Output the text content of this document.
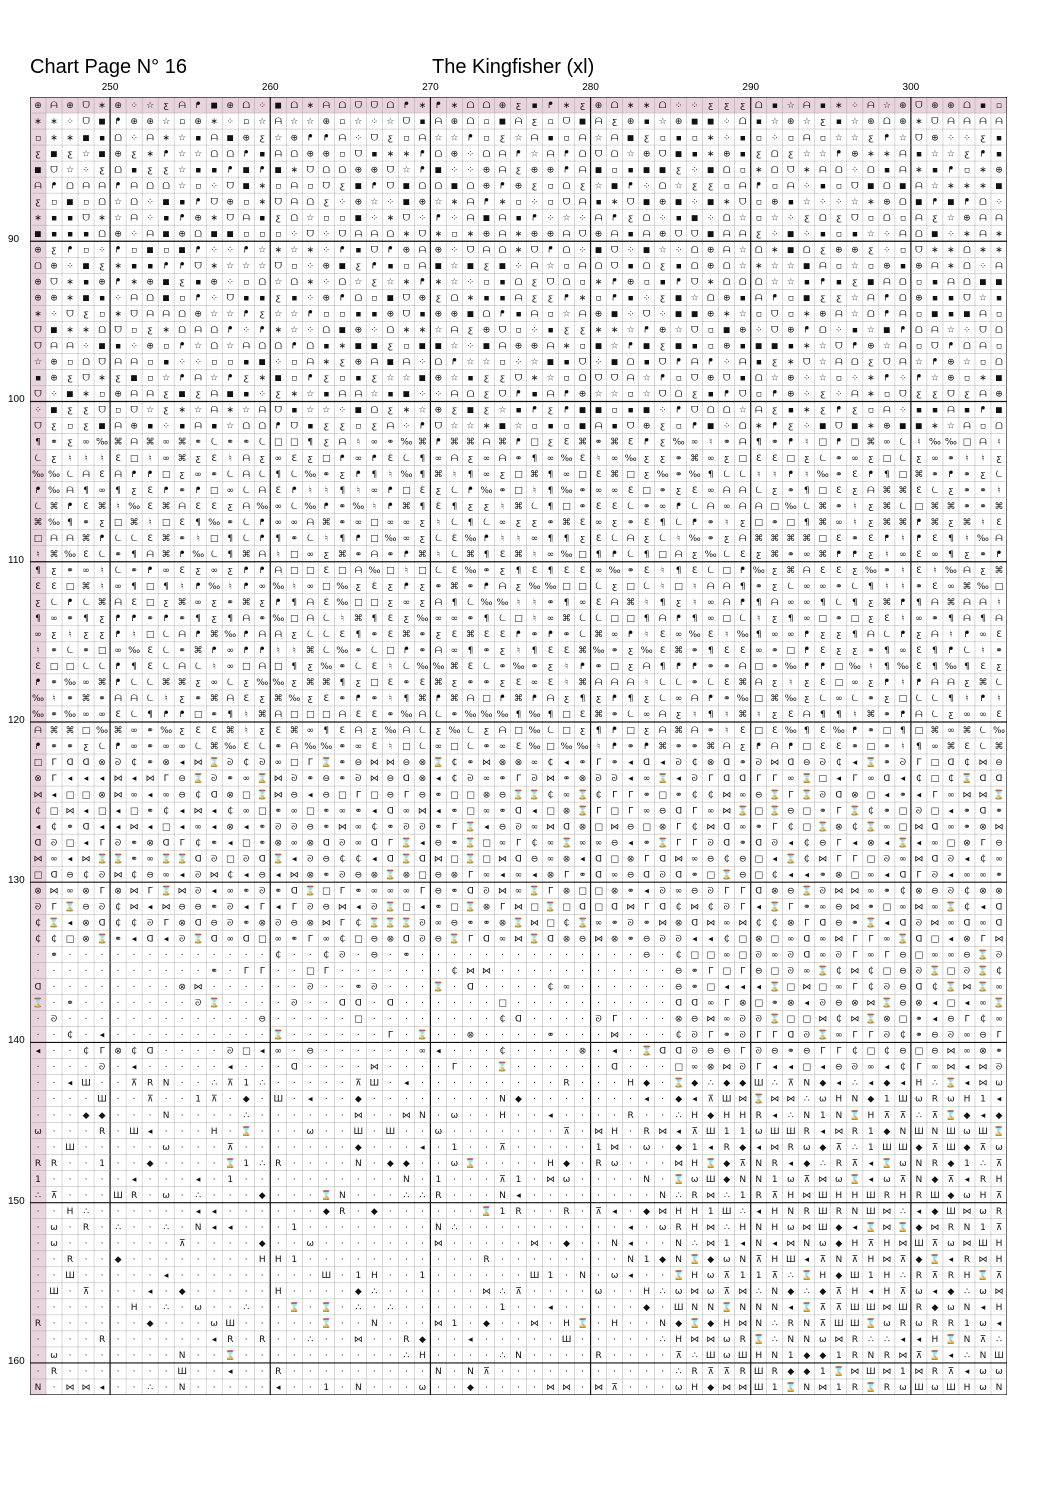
Chart Page N° 16	The Kingfisher (xl)
250	260	270	280	290	300
90
100
110
120
130
140
150
160
⊕ ᗩ ⊕ ᗜ ∗ ⊕ ⁘ ☆ ƹ ᗩ ᖰ ◼ ⊕ ᗝ ⁘ ◼ ᗝ ∗ ᗩ ᗝ ᗜ ᗜ ᗝ ᖰ ∗ ᖰ ∗ ᗝ ᗝ ⊕ ƹ ▪ ᖰ ∗ ƹ ⊕ ᗝ ∗ ∗ ᗝ ⁘ ⁘ ƹ ƹ ƹ ᗝ ▪ ☆ ᗩ ▪ ∗ ⁘ ᗩ ☆ ⊕ ᗜ ⊕ ⊕ ᗝ ▪ ▫
∗ ∗ ⁘ ᗜ ◼ ᖰ ⊕ ⊕ ☆ ▫ ⊕ ∗ ⁘ ▫ ☆ ᗩ ☆ ☆ ⊕ ▫ ☆ ⁘ ☆ ᗜ ▪ ᗩ ⊕ ᗝ ▫ ◼ ᗩ ƹ ▫ ᗜ ◼ ᗩ ƹ ⊕ ▪ ☆ ⊕ ◼ ◼ ⁘ ᗝ ▪ ☆ ⊕ ☆ ƹ ▪ ☆ ⊕ ᗝ ⊕ ∗ ᗜ ᗩ ᗩ ᗩ ᗩ
▫ ∗ ∗ ◼ ▪ ᗝ ⁘ ᗩ ∗ ☆ ▪ ᗩ ◼ ⊕ ƹ ☆ ⊕ ᖰ ᖰ ᗩ ⁘ ᗜ ƹ ▫ ᗩ ☆ ☆ ᖰ ▫ ƹ ☆ ᗩ ▪ ▫ ᗩ ☆ ᗩ ◼ ƹ ▫ ▪ ▫ ∗ ⁘ ▪ ▫ ⁘ ▫ ᗩ ▫ ☆ ☆ ƹ ᖰ ☆ ᗜ ⊕ ⁘ ⁘ ƹ ▪
ƹ ◼ ƹ ☆ ◼ ⊕ ƹ ∗ ᖰ ☆ ☆ ᗝ ᗝ ᖰ ▪ ᗩ ᗝ ⊕ ⊕ ▫ ᗜ ▪ ∗ ∗ ᖰ ᗝ ⊕ ⁘ ᗝ ᗩ ᖰ ☆ ᗩ ᖰ ᗝ ᗜ ᗝ ☆ ⊕ ᗜ ◼ ▪ ∗ ⊕ ▪ ƹ ᗝ ƹ ☆ ☆ ᖰ ⊕ ∗ ∗ ᗩ ▪ ☆ ☆ ƹ ᖰ ▪
◼ ᗜ ☆ ⁘ ƹ ᗝ ▪ ƹ ƹ ☆ ▪ ▪ ᖰ ◼ ᖰ ◼ ∗ ᗜ ᗝ ᗝ ⊕ ⊕ ᗜ ☆ ᖰ ◼ ⁘ ⁘ ⊕ ᗩ ƹ ⊕ ⊕ ᖰ ᗩ ◼ ▫ ▪ ◼ ◼ ƹ ⁘ ◼ ᗝ ▫ ∗ ᗝ ᗜ ∗ ᗩ ᗝ ⁘ ᗝ ▪ ᗩ ∗ ▪ ᖰ ▫ ∗ ⊕
ᗩ ᖰ ᗝ ᗩ ᗩ ᖰ ᗩ ᗝ ᗝ ☆ ▫ ⁘ ᗜ ◼ ∗ ▫ ᗩ ▫ ᗜ ƹ ◼ ᖰ ᗜ ◼ ᗝ ᗝ ◼ ᗝ ⊕ ᖰ ⊕ ƹ ▫ ᗝ ƹ ☆ ◼ ᖰ ⁘ ᗝ ☆ ƹ ƹ ▫ ᗩ ᖰ ▫ ᗩ ⁘ ▪ ▫ ᗜ ◼ ᗝ ◼ ᗩ ☆ ∗ ∗ ∗ ◼
ƹ ▫ ◼ ▫ ᗝ ☆ ᗝ ⁘ ◼ ▪ ᖰ ᗜ ⊕ ▫ ∗ ᗜ ᗩ ᗝ ƹ ⁘ ⊕ ☆ ⁘ ◼ ⊕ ☆ ∗ ᗩ ᖰ ∗ ▫ ⁘ ▫ ᗜ ᗩ ▪ ∗ ᗜ ◼ ⊕ ◼ ⁘ ◼ ∗ ᗜ ▫ ⊕ ▪ ☆ ⁘ ⁘ ☆ ∗ ⊕ ᗝ ◼ ᖰ ◼ ᖰ ᗝ ⁘
∗ ▪ ▪ ᗜ ∗ ☆ ᗩ ⁘ ▪ ᖰ ⊕ ∗ ᗜ ᗩ ▪ ƹ ᗝ ☆ ▫ ▫ ◼ ⁘ ∗ ᗜ ⁘ ᖰ ⁘ ᗩ ◼ ᗩ ▪ ᖰ ⁘ ☆ ⁘ ᗩ ᖰ ƹ ᗝ ⁘ ▪ ◼ ⁘ ᗝ ☆ ▫ ☆ ⁘ ƹ ᗝ ƹ ᗜ ▫ ᗝ ▫ ᗩ ƹ ☆ ⊕ ᗩ ᗩ
◼ ▪ ▪ ▪ ᗝ ⊕ ⁘ ᗩ ◼ ⊕ ᗝ ◼ ◼ ▫ ▫ ▫ ⁘ ᗜ ⁘ ᗜ ᗩ ᗩ ᗝ ∗ ᗜ ∗ ▫ ∗ ⊕ ᗩ ∗ ⊕ ⊕ ᗩ ᗜ ⊕ ᗩ ▪ ᗩ ⊕ ᗜ ᗜ ◼ ᗩ ᗩ ƹ ⁘ ◼ ⁘ ▪ ▫ ▪ ☆ ⁘ ᗩ ᗝ ◼ ⁘ ∗ ᗩ ∗
⊕ ƹ ᖰ ▫ ⁘ ᖰ ▫ ◼ ▫ ◼ ᖰ ⁘ ⁘ ᖰ ☆ ∗ ☆ ∗ ⁘ ᖰ ▪ ᗜ ᖰ ⊕ ᗩ ⊕ ⁘ ᗜ ᗩ ᗝ ∗ ᗜ ᖰ ᗝ ⁘ ◼ ᗜ ⁘ ◼ ☆ ⁘ ᗝ ⊕ ᗩ ☆ ᗝ ∗ ◼ ᗝ ƹ ⊕ ⊕ ƹ ⁘ ▫ ᗜ ∗ ∗ ᗝ ∗ ∗
ᗝ ⊕ ⁘ ◼ ƹ ∗ ▪ ▪ ᖰ ᖰ ᗜ ∗ ☆ ☆ ☆ ᗜ ▫ ⁘ ⊕ ◼ ƹ ᖰ ▪ ▫ ᗩ ◼ ☆ ◼ ƹ ◼ ⁘ ᗩ ☆ ▫ ᗩ ᗝ ᗜ ▪ ᗝ ƹ ▪ ᗝ ⊕ ᗝ ☆ ∗ ☆ ☆ ◼ ᗩ ▫ ☆ ▫ ⊕ ▪ ⊕ ᗩ ∗ ᗝ ⁘ ᗩ
⊕ ᗜ ∗ ▪ ⊕ ᖰ ∗ ⊕ ◼ ƹ ▪ ⊕ ⁘ ▫ ᗝ ☆ ᗝ ∗ ⁘ ᗝ ☆ ƹ ☆ ∗ ᖰ ∗ ☆ ⁘ ▫ ▪ ᗝ ƹ ᗜ ᗝ ▫ ∗ ᖰ ⊕ ▫ ▪ ᖰ ᗜ ∗ ᗝ ᗝ ᗝ ☆ ☆ ▪ ᖰ ▪ ƹ ◼ ᗩ ᗝ ▫ ▪ ᗩ ᗝ ◼ ◼
⊕ ⊕ ∗ ◼ ▪ ⁘ ᗩ ᗝ ◼ ▫ ᖰ ⁘ ᗜ ▪ ▪ ƹ ▪ ⁘ ⊕ ᖰ ᗝ ▫ ◼ ᗜ ⊕ ƹ ᗝ ∗ ▪ ▪ ᗩ ƹ ƹ ᖰ ∗ ▫ ᖰ ▪ ⁘ ƹ ◼ ☆ ᗝ ⊕ ▪ ᗩ ᖰ ▫ ◼ ƹ ƹ ☆ ᗩ ᖰ ᗝ ⊕ ▪ ▪ ᗜ ☆ ▪
∗ ⁘ ᗜ ƹ ▫ ∗ ᗜ ᗩ ᗩ ᗝ ⊕ ☆ ☆ ᖰ ƹ ☆ ☆ ᖰ ▫ ▫ ▪ ▪ ⊕ ᗜ ▪ ⊕ ⊕ ◼ ᗝ ᖰ ▪ ᗩ ▫ ☆ ᗩ ⊕ ◼ ⁘ ᗜ ⁘ ◼ ◼ ⊕ ∗ ☆ ▫ ᗜ ▫ ∗ ⊕ ᗩ ☆ ᗝ ᖰ ᗩ ▫ ◼ ▪ ◼ ᗩ ▫
ᗜ ◼ ∗ ∗ ᗝ ᗜ ▫ ƹ ∗ ᗝ ᗩ ᗝ ᖰ ⁘ ᖰ ∗ ☆ ⁘ ᗝ ◼ ⊕ ⁘ ᗝ ∗ ∗ ☆ ᗩ ƹ ⊕ ᗜ ▫ ⁘ ▪ ƹ ƹ ∗ ∗ ☆ ᖰ ⊕ ☆ ᗜ ▫ ◼ ⊕ ⁘ ᗜ ⊕ ᖰ ᗝ ⁘ ▪ ☆ ◼ ᖰ ᗝ ᗩ ☆ ⁘ ᗜ ᗝ
ᗜ ᗩ ᗩ ⁘ ◼ ▪ ⁘ ⊕ ▫ ᖰ ☆ ᗝ ☆ ᗩ ᗝ ᗝ ᖰ ᗝ ▪ ∗ ◼ ◼ ƹ ▫ ◼ ◼ ☆ ⁘ ◼ ᗩ ⊕ ⊕ ᗩ ∗ ▫ ◼ ☆ ᖰ ◼ ƹ ◼ ▪ ▫ ⊕ ▪ ◼ ◼ ▪ ∗ ☆ ᗜ ᖰ ⊕ ☆ ᗩ ▫ ᗜ ᖰ ᗝ ᗩ ▫
☆ ⊕ ▫ ᗝ ᗜ ᗩ ᗩ ▫ ▪ ⁘ ⁘ ▫ ▫ ▪ ◼ ⁘ ▫ ᗩ ∗ ƹ ⊕ ᗩ ◼ ᗩ ⁘ ᗝ ᖰ ☆ ☆ ▫ ⁘ ☆ ◼ ▪ ᗜ ⁘ ◼ ᗝ ▪ ᗜ ᖰ ᗩ ᖰ ⁘ ᗩ ▪ ƹ ∗ ᗜ ☆ ᗩ ᗝ ƹ ᗜ ᗩ ☆ ᖰ ⊕ ☆ ▫ ᗝ
▪ ⊕ ƹ ᗜ ∗ ƹ ◼ ▫ ☆ ᖰ ᗩ ☆ ᖰ ƹ ∗ ◼ ▫ ᖰ ƹ ▫ ▪ ƹ ☆ ☆ ◼ ⊕ ☆ ▪ ƹ ƹ ᗜ ∗ ☆ ▫ ᗝ ᗜ ᗜ ᗩ ☆ ᖰ ▫ ᗜ ⊕ ᗜ ▪ ᗝ ☆ ⊕ ⁘ ☆ ▫ ⁘ ∗ ᖰ ⁘ ᖰ ☆ ⊕ ▫ ∗ ◼
ᗜ ⁘ ◼ ∗ ▫ ⊕ ᗩ ᗩ ƹ ◼ ƹ ᗩ ◼ ▪ ⁘ ƹ ∗ ☆ ▪ ᗩ ᗩ ☆ ▪ ◼ ⁘ ⁘ ᗩ ᗝ ƹ ᗜ ᖰ ▪ ᗩ ᖰ ⊕ ☆ ☆ ▫ ☆ ᗜ ᗝ ƹ ▪ ᖰ ᗜ ▫ ᖰ ⊕ ⁘ ƹ ⁘ ᗩ ∗ ▫ ᗜ ƹ ƹ ᗜ ƹ ᗩ ⊕
⁘ ◼ ƹ ƹ ᗜ ▫ ᗜ ☆ ƹ ∗ ☆ ᗩ ∗ ☆ ᗩ ᗜ ▪ ☆ ☆ ⁘ ◼ ᗝ ƹ ∗ ☆ ⊕ ƹ ◼ ƹ ☆ ▪ ᖰ ƹ ᖰ ◼ ◼ ▫ ▪ ◼ ⁘ ᖰ ᗜ ᗝ ᗝ ☆ ᗩ ƹ ▪ ∗ ƹ ᖰ ƹ ▫ ᗩ ⁘ ▪ ▪ ᗩ ▪ ᖰ ◼
ᗜ ƹ ▫ ƹ ◼ ᗩ ⊕ ▪ ⁘ ▪ ᗩ ▪ ☆ ᗝ ᗝ ᖰ ᗜ ▪ ƹ ƹ ▫ ƹ ᗩ ⁘ ᖰ ᗜ ☆ ☆ ∗ ◼ ☆ ▫ ▪ ▫ ◼ ᗩ ▪ ᗜ ⊕ ƹ ▫ ᖰ ◼ ⁘ ᗝ ∗ ᖰ ƹ ⁘ ◼ ᗜ ◼ ∗ ⊕ ◼ ◼ ∗ ☆ ᗩ ▫ ᗝ
¶ ⚭ ƹ ∞ ‰ ⌘ ᗩ ⌘ ∞ ⌘ ⚭ ᘇ ⚭ ⚭ ᘇ □ □ ¶ ƹ ᗩ ♮ ∞ ⚭ ‰ ⌘ ᖰ ⌘ ⌘ ᗩ ⌘ ᖰ □ ƹ Ɛ ⌘ ⚭ ⌘ Ɛ ᖰ ƹ ‰ ∞ ♮ ⚭ ᗩ ¶ ⚭ ᖰ ♮ □ ᖰ □ ⌘ ∞ ᘇ ♮ ‰ ‰ □ ᗩ ♮
ᘇ ƹ ♮ ♮ ♮ Ɛ □ ♮ ∞ ⌘ ƹ Ɛ ♮ ᗩ ƹ ∞ Ɛ ƹ □ ᖰ ∞ ᖰ Ɛ ᘇ ¶ ∞ ᗩ ƹ ∞ ᗩ ⚭ ¶ ∞ ‰ Ɛ ♮ ∞ ‰ ƹ ƹ ⚭ ⌘ ∞ ƹ □ Ɛ Ɛ □ ƹ ᘇ ⚭ ∞ ƹ □ ᘇ ƹ ∞ ⚭ ♮ ♮ ƹ
‰ ‰ ᘇ ᗩ Ɛ ᗩ ᖰ ᖰ □ ƹ ∞ ⚭ ᘇ ᗩ ᘇ ¶ ᘇ ‰ ⚭ ƹ ᖰ ¶ ♮ ‰ ¶ ⌘ ♮ ¶ ∞ ƹ □ ⌘ ¶ ∞ □ Ɛ ⌘ □ ƹ ‰ ⚭ ‰ ¶ ᘇ ᘇ ♮ ♮ ᖰ ♮ ‰ ⚭ Ɛ ᖰ ¶ □ ⌘ ⚭ ᖰ ⚭ ƹ ᘇ
ᖰ ‰ ᗩ ¶ ∞ ¶ ƹ Ɛ ᖰ ⚭ ᖰ □ ∞ ᘇ ᗩ Ɛ ᖰ ♮ ♮ ¶ ♮ ∞ ᖰ □ Ɛ ƹ ᘇ ᖰ ‰ ⚭ □ ♮ ¶ ‰ ⚭ ∞ ∞ Ɛ □ ⚭ ƹ Ɛ ∞ ᗩ ᗩ ᘇ ƹ ⚭ ¶ □ Ɛ ƹ ᗩ ⌘ ⌘ Ɛ ᘇ ƹ ⚭ ⚭ ♮
ᘇ ⌘ ᖰ Ɛ ⌘ ♮ ‰ Ɛ ⌘ ᗩ Ɛ Ɛ ƹ ᗩ ‰ ∞ ᘇ ‰ ᖰ ⚭ ‰ ♮ ᖰ ⌘ ¶ Ɛ ¶ ƹ ƹ ♮ ⌘ ᘇ ¶ □ ⚭ Ɛ Ɛ ᘇ ⚭ ∞ ᖰ ᘇ ᗩ ∞ ᗩ ᗩ □ ‰ ᘇ ⌘ ⚭ ♮ ƹ ⌘ ᘇ □ ⌘ ⌘ ⚭ ⚭ ⌘
⌘ ‰ ¶ ⚭ ƹ □ ⌘ ♮ □ Ɛ ¶ ‰ ⚭ ᘇ ᖰ ∞ ∞ ᗩ ⌘ ⚭ ∞ □ ∞ ∞ ƹ ♮ ᘇ ¶ ᘇ ∞ ƹ ƹ ⚭ ⌘ Ɛ ∞ ƹ ⚭ Ɛ ¶ ᘇ ᖰ ⚭ ♮ ƹ □ ⚭ □ ¶ ⌘ ∞ ♮ ƹ ⌘ ⌘ ᖰ ⌘ ƹ ⌘ ♮ Ɛ
□ ᗩ ᗩ ⌘ ᖰ ᘇ ᘇ Ɛ ⌘ ⚭ ♮ □ ¶ ᘇ ᖰ ¶ ⚭ ᘇ ♮ ¶ ᖰ □ ‰ ∞ ƹ ᘇ Ɛ ‰ ᖰ ♮ ♮ ∞ ¶ ¶ ƹ Ɛ ᘇ ᗩ ƹ ᘇ ♮ ‰ ⚭ ƹ ᗩ ⌘ ⌘ ⌘ ⌘ □ Ɛ ⚭ Ɛ ᖰ ♮ ᖰ Ɛ ¶ ♮ ‰ ᗩ
♮ ⌘ ‰ Ɛ ᘇ ⚭ ¶ ᗩ ⌘ ᖰ ‰ ᘇ ¶ ⌘ ᗩ ♮ □ ∞ ƹ ⌘ ⚭ ᗩ ⚭ ᖰ ⌘ ♮ ᘇ ⌘ ¶ Ɛ ⌘ ♮ ∞ ‰ □ ¶ ᖰ ᘇ ¶ □ ᗩ ƹ ‰ ᘇ Ɛ ƹ ⌘ ⚭ ∞ ⌘ ᖰ ᖰ ƹ ♮ ∞ Ɛ ∞ ¶ ƹ ⚭ ᖰ
¶ ƹ ⚭ ∞ ♮ ᘇ ⚭ ᖰ ∞ Ɛ ƹ ∞ ƹ ᖰ ᖰ ᗩ □ □ Ɛ □ ᗩ ‰ □ ♮ □ ᘇ Ɛ ‰ ⚭ ƹ ¶ Ɛ ¶ Ɛ Ɛ ∞ ‰ ⚭ Ɛ ♮ ¶ Ɛ ᘇ □ ᖰ ‰ ƹ ⌘ ᗩ Ɛ Ɛ ƹ ‰ ⚭ ♮ Ɛ ♮ ‰ ᗩ ƹ ⌘
Ɛ Ɛ □ ⌘ ♮ ∞ ¶ □ ¶ ♮ ᖰ ‰ ♮ ᖰ ∞ ‰ ♮ ∞ □ ‰ ƹ Ɛ ƹ ᖰ ƹ ⚭ ⌘ ⚭ ᖰ ᗩ ƹ ‰ ‰ □ □ ᘇ ƹ □ ᘇ ♮ □ ♮ ᗩ ᗩ ¶ ⚭ ƹ ᘇ ∞ ∞ ⚭ ᘇ ¶ ♮ ♮ ⚭ Ɛ ∞ ⌘ ‰ □
ƹ ᘇ ᖰ ᘇ ⌘ ᗩ Ɛ □ ƹ ⌘ ∞ ƹ ⚭ ⌘ ƹ ᖰ ¶ ᗩ Ɛ ‰ □ □ ƹ ∞ ƹ ᗩ ¶ ᘇ ‰ ‰ ♮ ♮ ⚭ ¶ ∞ Ɛ ᗩ ⌘ ♮ ¶ ƹ ♮ ∞ ᗩ ᖰ ¶ ᗩ ∞ ∞ ¶ ᘇ ¶ ƹ ⌘ ᖰ ¶ ᗩ ⌘ ᗩ ᗩ ♮
¶ ∞ ⚭ ¶ ƹ ᖰ ᖰ ⚭ ᖰ ⚭ ¶ ƹ ¶ ᗩ ⚭ ‰ □ ᗩ ᘇ ♮ ⌘ ¶ Ɛ ƹ ‰ ∞ ∞ ⚭ ¶ ᘇ □ ♮ ∞ ⌘ ᘇ ᘇ □ □ ¶ ᗩ ᖰ ¶ ∞ □ ᘇ ♮ ƹ ¶ ∞ □ ⚭ □ ƹ Ɛ ♮ ∞ ⚭ ¶ ᗩ ¶ ᗩ
∞ ƹ ♮ ƹ ƹ ᖰ ♮ □ ᘇ ᗩ ᖰ ⌘ ‰ ᖰ ᗩ ᗩ ƹ ᘇ ᘇ Ɛ ¶ ⚭ Ɛ ⌘ ⚭ ƹ Ɛ ⌘ Ɛ Ɛ ᖰ ⚭ ᖰ ⚭ ᘇ ⌘ ∞ ᖰ ♮ Ɛ ∞ ‰ Ɛ ♮ ‰ ¶ ∞ ∞ ᖰ ƹ ƹ ¶ ᗩ ᘇ ᖰ ƹ ᗩ ♮ ᖰ ∞ Ɛ
♮ ⚭ ᘇ ⚭ □ ∞ ‰ Ɛ ᘇ ⚭ ⌘ ᖰ ∞ ᖰ ᖰ ♮ ♮ ⌘ ᘇ ‰ ⚭ ᘇ □ ᖰ ⚭ ᗩ ∞ ¶ ⚭ ƹ ♮ ¶ Ɛ Ɛ ⌘ ‰ ⚭ ƹ ‰ Ɛ ⌘ ⚭ ¶ Ɛ Ɛ ∞ ⚭ □ ᖰ Ɛ ƹ ƹ ⚭ ¶ ∞ Ɛ ¶ ᖰ ᘇ ♮ ⚭
Ɛ □ □ ᘇ ᘇ ᖰ ¶ Ɛ ᘇ ᗩ ᘇ ♮ ∞ □ ᗩ □ ¶ ƹ ‰ ⚭ ᘇ Ɛ ♮ ᘇ ‰ ‰ ⌘ Ɛ ᘇ ⚭ ‰ ⚭ ƹ ♮ ᖰ ⚭ □ ƹ ᗩ ¶ ᖰ ᖰ ⚭ ⚭ ᗩ □ ⚭ ‰ ᖰ ᖰ □ ‰ ♮ ¶ ‰ Ɛ ¶ ‰ ¶ Ɛ ƹ
ᖰ ⚭ ‰ ∞ ⌘ ᖰ ᘇ ᘇ ⌘ ⌘ ƹ ∞ ᘇ ƹ ‰ ‰ ƹ ⌘ ⌘ ¶ ƹ □ Ɛ ⚭ Ɛ ⌘ ƹ ⚭ ⚭ ƹ Ɛ ∞ Ɛ ♮ ⌘ ᗩ ᗩ ᗩ ♮ ᘇ ᘇ ⚭ ᘇ Ɛ ⌘ ᗩ ƹ ♮ ƹ Ɛ □ ∞ ƹ ᖰ ♮ ᖰ ᗩ ᗩ ƹ ⌘ ᘇ
‰ ♮ ⚭ ⌘ ⚭ ᗩ ᗩ ᘇ ♮ ƹ ⚭ ⌘ ᗩ Ɛ ƹ ⌘ ‰ ƹ Ɛ ⚭ ᖰ ⚭ ♮ ¶ ⌘ ᖰ ⌘ ᗩ □ ᖰ ⌘ ᖰ ᗩ ƹ ¶ ƹ ᖰ ¶ ƹ ᘇ ∞ ᗩ ᖰ ⚭ ‰ □ ⌘ ‰ ƹ ᘇ ∞ ᘇ ⚭ ƹ □ ᘇ ᘇ ¶ ♮ ᖰ ♮
‰ ⚭ ‰ ∞ ∞ Ɛ ᘇ ¶ ᖰ ᖰ □ ⚭ ¶ ♮ ⌘ ᗩ □ □ □ ᗩ Ɛ Ɛ ⚭ ‰ ᗩ ᘇ ⚭ ‰ ‰ ‰ ¶ ‰ ¶ □ Ɛ ⌘ ⚭ ᘇ ∞ ᗩ ƹ ♮ ¶ ♮ ⌘ ♮ ƹ Ɛ ᗩ ¶ ¶ ♮ ⌘ ⚭ ᖰ ᗩ ᘇ ƹ ∞ ∞ Ɛ
ᗩ ⌘ ⌘ □ ‰ ⌘ ∞ ⚭ ‰ ƹ Ɛ Ɛ ⌘ ♮ ƹ Ɛ ⌘ ∞ ¶ Ɛ ᗩ ƹ ‰ ᗩ ᘇ ƹ ‰ ᘇ ƹ ᗩ □ ‰ ᘇ □ ƹ ¶ ᖰ □ ƹ ᗩ ⌘ ᗩ ⚭ ♮ Ɛ □ Ɛ ‰ ¶ Ɛ ‰ ᖰ ⚭ □ ¶ □ ⌘ ∞ ⌘ ᘇ ‰
ᖰ ⚭ ⚭ ƹ ᘇ ᖰ ∞ ⚭ ∞ ∞ ᘇ ⌘ ‰ Ɛ ᘇ ⚭ ᗩ ‰ ‰ ⚭ ∞ Ɛ ♮ □ ᘇ ∞ □ ᘇ ⚭ ∞ Ɛ ‰ □ ‰ ‰ ♮ ᖰ ⚭ ᖰ ⌘ ⚭ ⚭ ⌘ ᗩ ƹ ᖰ ᗩ ᖰ □ Ɛ Ɛ ⚭ □ ⚭ ♮ ¶ ∞ ⌘ Ɛ ᘇ ⌘
□ ᒥ ᗡ ᗡ ⊗ ᘐ ₵ ⚭ ⊗ ◂ ⋈ ⌛ ᘐ ₵ ᘐ ∞ □ ᒥ ⌛ ⚭ ⊖ ⋈ ⋈ ⊖ ⊗ ⌛ ₵ ⚭ ⋈ ⊗ ⊗ ∞ ₵ ◂ ⚭ ᒥ ⚭ ◂ ᗡ ◂ ᘐ ₵ ⊗ ᗡ ⚭ ᘐ ⋈ ᗡ ⊖ ᘐ ₵ ◂ ⌛ ⚭ ᘐ ᒥ □ ᗡ ₵ ⋈ ⊖
⊗ ᒥ ◂ ◂ ◂ ⋈ ◂ ⋈ ᒥ ⊖ ⌛ ᘐ ⚭ ∞ ⌛ ⋈ ᘐ ⚭ ⊖ ⚭ ᘐ ⋈ ⊖ ᗡ ⊗ ◂ ₵ ᘐ ∞ ⚭ ᒥ ᘐ ⋈ ⚭ ⊗ ᘐ ᘐ ◂ ∞ ⌛ ◂ ᘐ ᒥ ᗡ ᗡ ᒥ ᒥ ∞ ⌛ □ ◂ ᒥ ∞ ᗡ ◂ ₵ □ ₵ ⌛ ᗡ ᗡ
⋈ ◂ □ □ ⊗ ⋈ ∞ ◂ ∞ ⊖ ₵ ᗡ ⊗ □ ⌛ ⋈ ⊖ ◂ ⊖ □ ᒥ □ ⊖ ᒥ ⊖ ⚭ □ □ ⊗ ⊖ ⌛ ⌛ ₵ ∞ ⌛ ₵ ᒥ ᒥ ⚭ □ ⚭ ₵ ₵ ⋈ ∞ ⊖ ⌛ ᒥ ⌛ ᘐ ᗡ ⊗ □ ◂ ⚭ ◂ ᒥ ∞ ⋈ ⋈ ⌛
₵ □ ⋈ ◂ □ ◂ □ ⚭ ₵ ◂ ⋈ ◂ ₵ ∞ □ ⚭ ∞ □ ⚭ ∞ ⚭ ◂ ᗡ ∞ ⋈ ◂ ⚭ □ ∞ ⚭ ᗡ ◂ □ ⊗ ⌛ ᒥ □ ᒥ ∞ ⊖ ᗡ ᒥ ∞ ⋈ ⌛ □ ⌛ ⊖ □ ⚭ ᒥ ⌛ ₵ ⚭ □ ᘐ □ ◂ ⚭ ᗡ ⚭
◂ ₵ ⚭ ᗡ ◂ ◂ ⋈ ◂ □ ◂ ∞ ◂ ⊗ ◂ ⚭ ᘐ ᘐ ⊖ ⚭ ⋈ ∞ ₵ ⚭ ᘐ ᘐ ⚭ ᒥ ⌛ ◂ ⊖ ᘐ ∞ ⋈ ᗡ ⊗ □ ⋈ ⊖ □ ⊗ ᒥ ₵ ⋈ ᗡ ∞ ⚭ ᒥ ₵ □ ⌛ ⊗ ₵ ⌛ ∞ □ ⋈ ᗡ ∞ ⚭ ⊗ ⋈
ᗡ ᘐ □ ◂ ᒥ ᘐ ⚭ ⊗ ᗡ ᒥ ₵ ⚭ ◂ □ ⚭ ⊗ ∞ ⊗ ᗡ ᘐ ∞ ᗡ ᒥ ⌛ ◂ ⊖ ⚭ ⌛ □ ∞ ᒥ ₵ ∞ ⌛ ∞ ∞ ⊖ ◂ ⚭ ⌛ ᒥ ᒥ ᘐ ᗡ ⚭ ᗡ ᘐ ◂ ₵ ⊖ ᒥ ◂ ⊗ ◂ ⌛ ◂ ∞ □ ⊗ ᒥ ⊖
⋈ ∞ ◂ ⋈ ⌛ ⌛ ⚭ ∞ ⌛ ⌛ ᗡ ᘐ □ ᘐ ᗡ ⌛ ◂ ᘐ ⊖ ₵ ₵ ◂ ᗡ ⌛ ᗡ ⋈ □ ⌛ □ ⋈ ᗡ ⊖ ∞ ⊗ ◂ ᗡ □ ⊗ ᒥ ᗡ ⋈ ∞ ⊖ ₵ ⊖ □ ◂ ⌛ ₵ ⋈ ᒥ ᒥ □ ᘐ ∞ ⋈ ᗡ ᘐ ◂ ₵ ∞
□ ᗡ ⊖ ₵ ᘐ ⋈ ₵ ⊖ ∞ ◂ ᘐ ⋈ ₵ ◂ ⊖ ◂ ⋈ ⊗ ⚭ ᘐ ⊖ ⊗ ⌛ ⊗ □ ⊖ ⊗ ᒥ ∞ ◂ ∞ ◂ ⊗ ᒥ ⚭ ᗡ ∞ ⊖ ᗡ ᘐ ᗡ ⚭ □ ⌛ ⊖ □ ₵ ◂ ◂ ⚭ ⊗ □ ∞ ◂ ᗡ ᒥ ᘐ ◂ ∞ ∞ ⚭
⊗ ⋈ ∞ ⊗ ᒥ ⊗ ⋈ ᒥ ⌛ ⋈ ᘐ ◂ ∞ ⚭ ᘐ ⚭ ᗡ ⌛ □ ᒥ ⚭ ∞ ∞ ∞ ᒥ ⊖ ⚭ ᗡ ᘐ ⋈ ∞ ⌛ ᒥ ⊗ □ □ ⊗ ⚭ ◂ ᘐ ∞ ⊖ ᘐ ᒥ ᒥ ᗡ ⊗ ⊖ ⌛ ᘐ ⋈ ⋈ ∞ ⚭ ₵ ⊗ ⊖ ᘐ ₵ ⊗ ⊗
ᘐ ᒥ ⌛ ⊖ ᘐ ₵ ⋈ ◂ ⋈ ⊖ ⊖ ⚭ ᘐ ◂ ᒥ ◂ ᒥ ᘐ ⊖ ⋈ ◂ ᘐ ⌛ □ ◂ ⚭ □ ⌛ ⊗ ᒥ ⋈ □ ⌛ □ ᗡ □ ᗡ ⋈ ᒥ ᗡ ₵ ⋈ ₵ ᘐ ᒥ ◂ ⌛ ᒥ ⚭ ∞ ⊖ ⋈ ⚭ □ ∞ ⋈ ∞ ⌛ ₵ ◂ ᗡ
₵ ⌛ ◂ ⊗ ᗡ ₵ ₵ ᘐ ᒥ ⊗ ᗡ ⊖ ᘐ ⚭ ⊗ ᘐ ⊖ ⊗ ⋈ ᒥ ₵ ⌛ ⌛ ⌛ ᘐ ∞ ⊖ ⚭ ⚭ ⊗ ⌛ ⋈ □ ₵ ⌛ ∞ ⚭ ᘐ ⚭ ⋈ ⊗ ᗡ ⋈ ∞ ⋈ ₵ ₵ ⊗ ᒥ ᗡ ⊖ ⚭ ⌛ ◂ ᗡ ᘐ ⋈ ∞ ᗡ ∞ ᗡ
₵ ₵ □ ⊗ ⌛ ⚭ ◂ ᗡ ◂ ᘐ ⌛ ᗡ ∞ ᗡ □ ∞ ⚭ ᒥ ∞ ₵ □ ⊖ ⊗ ᗡ ᘐ ⊖ ⌛ ᒥ ᗡ ∞ ⋈ ⌛ ᗡ ⊗ ⊖ ⋈ ⊗ ⚭ ⊖ ᘐ ᘐ ◂ ◂ ₵ □ ⊗ □ ∞ ᗡ ∞ ⋈ ᒥ ᒥ ∞ ⌛ ᗡ □ ◂ ⊗ ᒥ ⋈
· ⚭ · · · · · · · · · · · · · ₵ · · ₵ ᘐ · ⊖ · ⚭ · · · · · · · · · · · · · · ⊖ · ₵ □ □ ∞ □ ᘐ ∞ ᘐ ᗡ ∞ ᘐ ᒥ ∞ ᒥ ⊖ □ ∞ ∞ ⊖ ⌛ ᘐ
· · · · · · · · · · · ⚭ · ᒥ ᒥ · · □ ᒥ · · · · · · · ₵ ⋈ ⋈ · · · · · · · · · · · ⊖ ⚭ ᒥ □ ᒥ ⊖ □ ᘐ ∞ ⌛ ₵ ⋈ ₵ □ ⊖ ᘐ ⌛ □ ᘐ ⌛ ₵
ᗡ · · · · · · · · ⊗ ⋈ · · · · · · ᘐ · · ⚭ ᘐ · · · ⌛ · ᗡ · · · · ₵ ∞ · · · · · · ⊖ ⚭ □ ◂ ◂ ◂ ⌛ □ ⋈ □ ∞ ᒥ ₵ ᘐ ⊖ ᗡ ₵ ⌛ ⋈ ⌛ ∞
⌛ · ⚭ · · · · · · · ᘐ ⌛ · · · · ᘐ · · ᗡ ᗡ · ᗡ · · · · · · □ · · · · · · · · · · ᗡ ᗡ ∞ ᒥ ⊗ □ ⚭ ⊗ ◂ ᘐ ⊖ ⊗ ⋈ ⌛ ⊖ ⊗ ◂ □ ◂ ∞ ⌛
· ᘐ · · · · · · · · · · · · ⊖ · · · · · □ · · · · · · · · ₵ ᗡ · · · · ᘐ ᒥ · · · ⊗ ⊖ ⋈ ∞ ᘐ ᘐ ⌛ □ □ ⋈ ₵ ⋈ ⌛ ⊗ □ ⚭ ◂ ⊖ ᒥ ₵ ∞
· · ₵ · ◂ · · · · · · · · · · ⌛ · · · · · · ᒥ · ⌛ · · ⊗ · · · · ⚭ · · · ⋈ · · · ₵ ᘐ ᒥ ⚭ ᘐ ᒥ ᒥ ᗡ ᘐ ⌛ ∞ ᒥ ᒥ ᘐ ₵ ⚭ ⊖ ᘐ ∞ ⊖ ᒥ
◂ · · ₵ ᒥ ⊗ ₵ ᗡ · · · · ᘐ □ ◂ ∞ · ⊖ · · · · · · ∞ ◂ · · · ₵ · · · · ⊗ · ◂ · ⌛ ᗡ ᗡ ᘐ ⊖ ⊖ ᒥ ᘐ ⊖ ⚭ ⊖ ᒥ ᒥ ₵ □ ₵ ⊖ □ ⊖ ⋈ ∞ ⊗ ⚭
· · · · ᘐ · ◂ · · · · · ◂ · · · ᗡ · · · · ⋈ · · · · ᒥ · · ⌛ · · · · · · ᗡ · · · □ ∞ ⊗ ⋈ ᘐ ᒥ ◂ ◂ □ ◂ ⊖ ᘐ ∞ ◂ ₵ ᒥ ∞ ⋈ ◂ ⋈ ᘐ
· · ◂ Ш · · ⊼ R N · · ∴ ⊼ 1 ∴ · · · · · ⊼ Ш · ◂ · · · · · · · · · R · · · H ◆ · ⌛ ◆ ∴ ◆ ◆ Ш ∴ ⊼ N ◆ ◂ ∴ ◂ ◆ ◂ H ∴ ⌛ ◂ ⋈ ω
· · · · Ш · · ⊼ · · 1 ⊼ · ◆ · Ш · ◂ · · ◆ · · · · · · · · N ◆ · · · · · · · ◂ · ◆ ◂ ⊼ Ш ⋈ ⌛ ⋈ ⋈ ∴ ω H N ◆ 1 Ш ω R ω H 1 ◂
· · · ◆ ◆ · · · N · · · · ∴ · · · · · · ⋈ · · ⋈ N · ω · · H · · ◂ · · · · R · · ∴ H ◆ H H R ◂ ∴ N 1 N ⌛ H ⊼ ⊼ ∴ ⊼ ⌛ ◆ ◂ ◆
ω · · · R · Ш ◂ · · · H · ⌛ · · · ω · · Ш · Ш · · ω · · · · · · · ⊼ · ⋈ H · R ⋈ ◂ ⊼ Ш 1 1 ω Ш Ш R ◂ ⋈ R 1 ◆ N Ш N Ш ω Ш ⌛
· · Ш · · · · · ω · · · ⊼ · · · · · · · ◆ · · · ◂ · 1 · · ⊼ · · · · · 1 ⋈ · ω · ◆ 1 ◂ R ◆ ◂ ⋈ R ω ◆ ⊼ ∴ 1 Ш Ш ◆ ⊼ Ш ◆ ⊼ ω
R R · · 1 · · ◆ · · · · ⌛ 1 ∴ R · · · · N · ◆ ◆ · · ω ⌛ · · · · H ◆ · R ω · · · ⋈ H ⌛ ◆ ⊼ N R ◂ ◆ ∴ R ⊼ ◂ ⌛ ω N R ◆ 1 ∴ ⊼
1 · · · · · ◂ · · · ◂ · 1 · · · · · · · · · · N · 1 · · · ⊼ 1 · ⋈ ω · · · · N · ⌛ ω Ш ◆ N N 1 ω ⊼ ⋈ ω ⌛ ◂ ω ⊼ N ◆ ⊼ ◂ R H
∴ ⊼ · · · Ш R · ω · ∴ · · · ◆ · · · ⌛ N · · · ∴ ∴ R · · · N ◂ · · · · · · · · N ∴ R ⋈ ∴ 1 R ⊼ H ⋈ Ш H H Ш R H R Ш ◆ ω H ⊼
· · H ∴ · · · · · · ◂ ◂ · · · · · · ◆ R · ◆ · · · · · · ⌛ 1 R · · R · ⊼ ◂ · ◆ ⋈ H H 1 Ш ∴ ◂ H N R Ш R N Ш ⋈ ∴ ◂ ◆ Ш ⋈ ω R
· ω · R · ∴ · · ∴ · N ◂ ◂ · · · 1 · · · · · · · · N ∴ · · · · · · · · · · ◂ · ω R H ⋈ ∴ H N H ω ⋈ Ш ◆ ◂ ⌛ ⋈ ⌛ ◆ ⋈ R N 1 ⊼
· ω · · · · · · · ⊼ · · · · ◆ · · ω · · · · · · · ⋈ · · · · · ⋈ · ◆ · · N ◂ · · N ∴ ⋈ 1 ◂ N ◂ ⋈ N ω ◆ H ⊼ H ⋈ Ш ⊼ ω ⋈ Ш H
· · R · · ◆ · · · · · · · · H H 1 · · · · · · · · · · · R · · · · · · · · N 1 ◆ N ⌛ ◆ ω N ⊼ H Ш ◂ ⊼ N ⊼ H ⋈ ⊼ ◆ ⌛ ◂ R ⋈ H
· · Ш · · · · · ◂ · · · · · · · · · Ш · 1 H · · 1 · · · · · · Ш 1 · N · ω ◂ · · ⌛ H ω ⊼ 1 1 ⊼ ∴ ⌛ H ◆ Ш 1 H ∴ R ⊼ R H ⌛ ⊼
· Ш · ⊼ · · · ◂ · ◆ · · · · · H · · · · ◆ ∴ · · · · · · ⋈ ∴ ⊼ · · · · ω · · H ∴ ω ⋈ ω ⊼ ⋈ ∴ N ◆ ∴ ◆ ⊼ H ◂ H ⊼ ω ◂ ◆ ∴ ω ⋈
· · · · · · H · ∴ · ω · · ∴ · · ⌛ · ⌛ · ∴ · ∴ · · · · · · 1 · · ◂ · · · · · ◆ · Ш N N ⌛ N N N ◂ ⌛ ⊼ ⊼ Ш Ш ⋈ Ш R ◆ ω N ◂ H
R · · · · · · ◆ · · · ω Ш · · · · · ⌛ · · N · · · ⋈ 1 · ◆ · · ⋈ · H ⌛ · H · · N ◆ ⌛ ◆ H ⋈ N ∴ R N ⊼ Ш Ш ⌛ ω R ω R R 1 ω ◂
· · · · R · · · · · · ◂ R · R · · ∴ · · ⋈ · · R ◆ · · ◂ · · · · · Ш · · · · · ∴ H ⋈ ⋈ ω R ⌛ ∴ N N ω ⋈ R ∴ ∴ ◂ ◂ H ⌛ N ⊼ ∴
· ω · · · · · · · N · · ⌛ · · · · · · · · · · ∴ H · · · · ∴ N · · · · R · · · · ⊼ ∴ Ш ω Ш H N 1 ◆ ◆ 1 R N R ⋈ ⊼ ⌛ ◂ ∴ N Ш
· R · · · · · · · Ш · · ◂ · · R · · · · · · · · · N · N ⊼ · · · · · · · · · · · ∴ R ⊼ ⊼ R Ш R ◆ ◆ 1 ⌛ ⋈ Ш ⋈ 1 ⋈ R ⊼ ◂ ω ω
N · ⋈ ⋈ ◂ · · ∴ · N · · · · · ◂ · · 1 · N · · · ω · · ◆ · · · · ⋈ ⋈ · ⋈ ⊼ · · · ω H ◆ ⋈ ⋈ Ш 1 ⌛ N ⋈ 1 R ⌛ R ω Ш ω Ш H ω N
